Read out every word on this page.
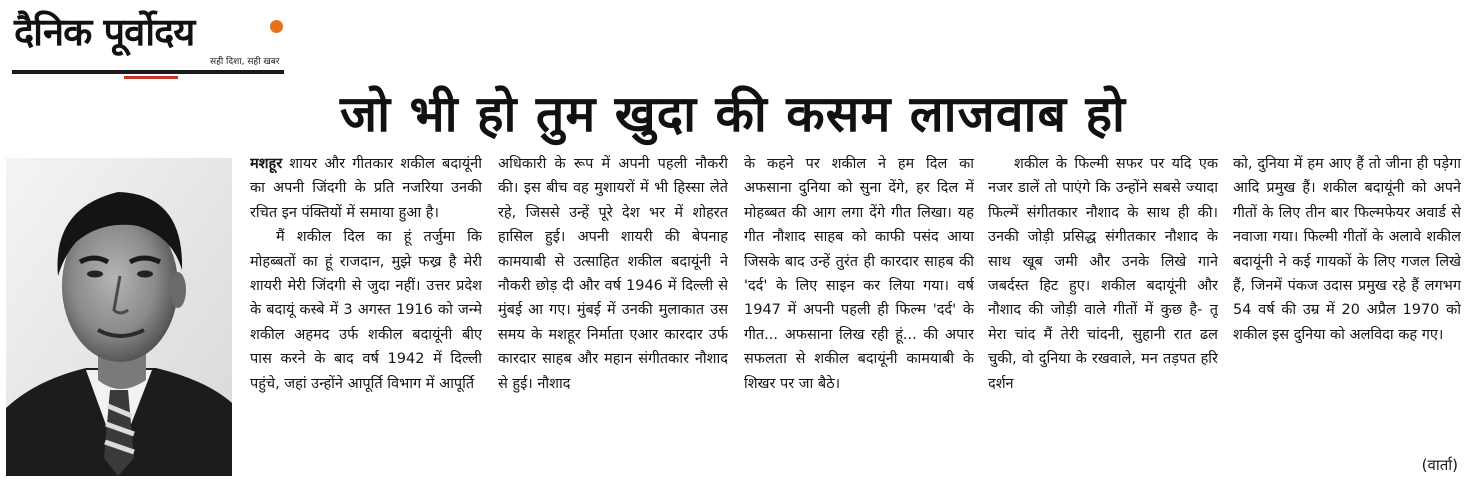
दैनिक पूर्वोदय
सही दिशा, सही खबर
जो भी हो तुम खुदा की कसम लाजवाब हो

मशहूर शायर और गीतकार शकील बदायूंनी का अपनी जिंदगी के प्रति नजरिया उनकी रचित इन पंक्तियों में समाया हुआ है।

मैं शकील दिल का हूं तर्जुमा कि मोहब्बतों का हूं राजदान, मुझे फख्र है मेरी शायरी मेरी जिंदगी से जुदा नहीं। उत्तर प्रदेश के बदायूं कस्बे में 3 अगस्त 1916 को जन्मे शकील अहमद उर्फ शकील बदायूंनी बीए पास करने के बाद वर्ष 1942 में दिल्ली पहुंचे, जहां उन्होंने आपूर्ति विभाग में आपूर्ति

अधिकारी के रूप में अपनी पहली नौकरी की। इस बीच वह मुशायरों में भी हिस्सा लेते रहे, जिससे उन्हें पूरे देश भर में शोहरत हासिल हुई। अपनी शायरी की बेपनाह कामयाबी से उत्साहित शकील बदायूंनी ने नौकरी छोड़ दी और वर्ष 1946 में दिल्ली से मुंबई आ गए। मुंबई में उनकी मुलाकात उस समय के मशहूर निर्माता एआर कारदार उर्फ कारदार साहब और महान संगीतकार नौशाद से हुई। नौशाद

के कहने पर शकील ने हम दिल का अफसाना दुनिया को सुना देंगे, हर दिल में मोहब्बत की आग लगा देंगे गीत लिखा। यह गीत नौशाद साहब को काफी पसंद आया जिसके बाद उन्हें तुरंत ही कारदार साहब की 'दर्द' के लिए साइन कर लिया गया। वर्ष 1947 में अपनी पहली ही फिल्म 'दर्द' के गीत... अफसाना लिख रही हूं... की अपार सफलता से शकील बदायूंनी कामयाबी के शिखर पर जा बैठे।

शकील के फिल्मी सफर पर यदि एक नजर डालें तो पाएंगे कि उन्होंने सबसे ज्यादा फिल्में संगीतकार नौशाद के साथ ही की। उनकी जोड़ी प्रसिद्ध संगीतकार नौशाद के साथ खूब जमी और उनके लिखे गाने जबर्दस्त हिट हुए। शकील बदायूंनी और नौशाद की जोड़ी वाले गीतों में कुछ है- तू मेरा चांद मैं तेरी चांदनी, सुहानी रात ढल चुकी, वो दुनिया के रखवाले, मन तड़पत हरि दर्शन

को, दुनिया में हम आए हैं तो जीना ही पड़ेगा आदि प्रमुख हैं। शकील बदायूंनी को अपने गीतों के लिए तीन बार फिल्मफेयर अवार्ड से नवाजा गया। फिल्मी गीतों के अलावे शकील बदायूंनी ने कई गायकों के लिए गजल लिखे हैं, जिनमें पंकज उदास प्रमुख रहे हैं लगभग 54 वर्ष की उम्र में 20 अप्रैल 1970 को शकील इस दुनिया को अलविदा कह गए।

(वार्ता)
